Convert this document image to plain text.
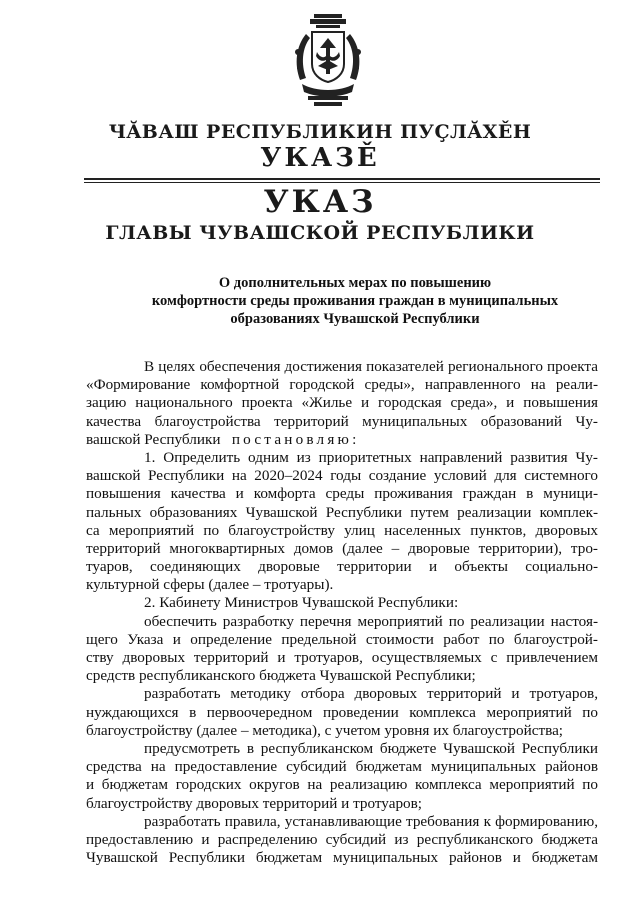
ЧĂВАШ РЕСПУБЛИКИН ПУҪЛĂХĚН
УКАЗĚ
УКАЗ
ГЛАВЫ ЧУВАШСКОЙ РЕСПУБЛИКИ
О дополнительных мерах по повышению
комфортности среды проживания граждан в муниципальных
образованиях Чувашской Республики
В целях обеспечения достижения показателей регионального проекта
«Формирование комфортной городской среды», направленного на реали-
зацию национального проекта «Жилье и городская среда», и повышения
качества благоустройства территорий муниципальных образований Чу-
вашской Республики постановляю:
1. Определить одним из приоритетных направлений развития Чу-
вашской Республики на 2020–2024 годы создание условий для системного
повышения качества и комфорта среды проживания граждан в муници-
пальных образованиях Чувашской Республики путем реализации комплек-
са мероприятий по благоустройству улиц населенных пунктов, дворовых
территорий многоквартирных домов (далее – дворовые территории), тро-
туаров, соединяющих дворовые территории и объекты социально-
культурной сферы (далее – тротуары).
2. Кабинету Министров Чувашской Республики:
обеспечить разработку перечня мероприятий по реализации настоя-
щего Указа и определение предельной стоимости работ по благоустрой-
ству дворовых территорий и тротуаров, осуществляемых с привлечением
средств республиканского бюджета Чувашской Республики;
разработать методику отбора дворовых территорий и тротуаров,
нуждающихся в первоочередном проведении комплекса мероприятий по
благоустройству (далее – методика), с учетом уровня их благоустройства;
предусмотреть в республиканском бюджете Чувашской Республики
средства на предоставление субсидий бюджетам муниципальных районов
и бюджетам городских округов на реализацию комплекса мероприятий по
благоустройству дворовых территорий и тротуаров;
разработать правила, устанавливающие требования к формированию,
предоставлению и распределению субсидий из республиканского бюджета
Чувашской Республики бюджетам муниципальных районов и бюджетам
